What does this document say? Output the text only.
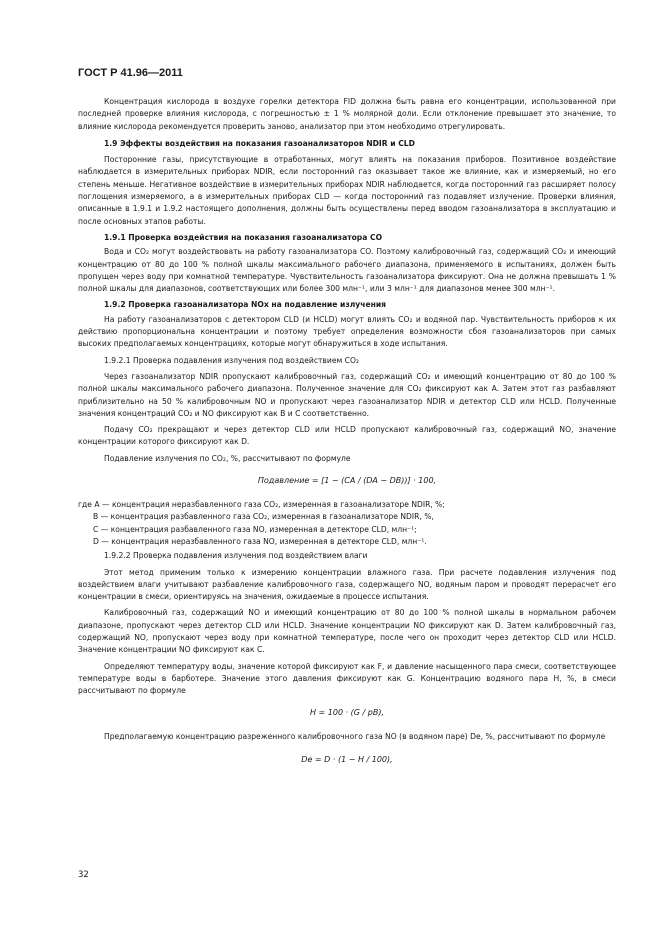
ГОСТ Р 41.96—2011

Концентрация кислорода в воздухе горелки детектора FID должна быть равна его концентрации, использованной при последней проверке влияния кислорода, с погрешностью ± 1 % молярной доли. Если отклонение превышает это значение, то влияние кислорода рекомендуется проверить заново, анализатор при этом необходимо отрегулировать.

1.9 Эффекты воздействия на показания газоанализаторов NDIR и CLD

Посторонние газы, присутствующие в отработанных, могут влиять на показания приборов. Позитивное воздействие наблюдается в измерительных приборах NDIR, если посторонний газ оказывает такое же влияние, как и измеряемый, но его степень меньше. Негативное воздействие в измерительных приборах NDIR наблюдается, когда посторонний газ расширяет полосу поглощения измеряемого, а в измерительных приборах CLD — когда посторонний газ подавляет излучение. Проверки влияния, описанные в 1.9.1 и 1.9.2 настоящего дополнения, должны быть осуществлены перед вводом газоанализатора в эксплуатацию и после основных этапов работы.

1.9.1 Проверка воздействия на показания газоанализатора CO

Вода и CO₂ могут воздействовать на работу газоанализатора CO. Поэтому калибровочный газ, содержащий CO₂ и имеющий концентрацию от 80 до 100 % полной шкалы максимального рабочего диапазона, применяемого в испытаниях, должен быть пропущен через воду при комнатной температуре. Чувствительность газоанализатора фиксируют. Она не должна превышать 1 % полной шкалы для диапазонов, соответствующих или более 300 млн⁻¹, или 3 млн⁻¹ для диапазонов менее 300 млн⁻¹.

1.9.2 Проверка газоанализатора NOx на подавление излучения

На работу газоанализаторов с детектором CLD (и HCLD) могут влиять CO₂ и водяной пар. Чувствительность приборов к их действию пропорциональна концентрации и поэтому требует определения возможности сбоя газоанализаторов при самых высоких предполагаемых концентрациях, которые могут обнаружиться в ходе испытания.

1.9.2.1 Проверка подавления излучения под воздействием CO₂

Через газоанализатор NDIR пропускают калибровочный газ, содержащий CO₂ и имеющий концентрацию от 80 до 100 % полной шкалы максимального рабочего диапазона. Полученное значение для CO₂ фиксируют как A. Затем этот газ разбавляют приблизительно на 50 % калибровочным NO и пропускают через газоанализатор NDIR и детектор CLD или HCLD. Полученные значения концентраций CO₂ и NO фиксируют как B и C соответственно.

Подачу CO₂ прекращают и через детектор CLD или HCLD пропускают калибровочный газ, содержащий NO, значение концентрации которого фиксируют как D.

Подавление излучения по CO₂, %, рассчитывают по формуле

Подавление = [1 − (CA / (DA − DB))] · 100,

где A — концентрация неразбавленного газа CO₂, измеренная в газоанализаторе NDIR, %;

B — концентрация разбавленного газа CO₂, измеренная в газоанализаторе NDIR, %,

C — концентрация разбавленного газа NO, измеренная в детекторе CLD, млн⁻¹;

D — концентрация неразбавленного газа NO, измеренная в детекторе CLD, млн⁻¹.

1.9.2.2 Проверка подавления излучения под воздействием влаги

Этот метод применим только к измерению концентрации влажного газа. При расчете подавления излучения под воздействием влаги учитывают разбавление калибровочного газа, содержащего NO, водяным паром и проводят перерасчет его концентрации в смеси, ориентируясь на значения, ожидаемые в процессе испытания.

Калибровочный газ, содержащий NO и имеющий концентрацию от 80 до 100 % полной шкалы в нормальном рабочем диапазоне, пропускают через детектор CLD или HCLD. Значение концентрации NO фиксируют как D. Затем калибровочный газ, содержащий NO, пропускают через воду при комнатной температуре, после чего он проходит через детектор CLD или HCLD. Значение концентрации NO фиксируют как C.

Определяют температуру воды, значение которой фиксируют как F, и давление насыщенного пара смеси, соответствующее температуре воды в барботере. Значение этого давления фиксируют как G. Концентрацию водяного пара H, %, в смеси рассчитывают по формуле

H = 100 · (G / pB),

Предполагаемую концентрацию разреженного калибровочного газа NO (в водяном паре) De, %, рассчитывают по формуле

De = D · (1 − H / 100),

32
